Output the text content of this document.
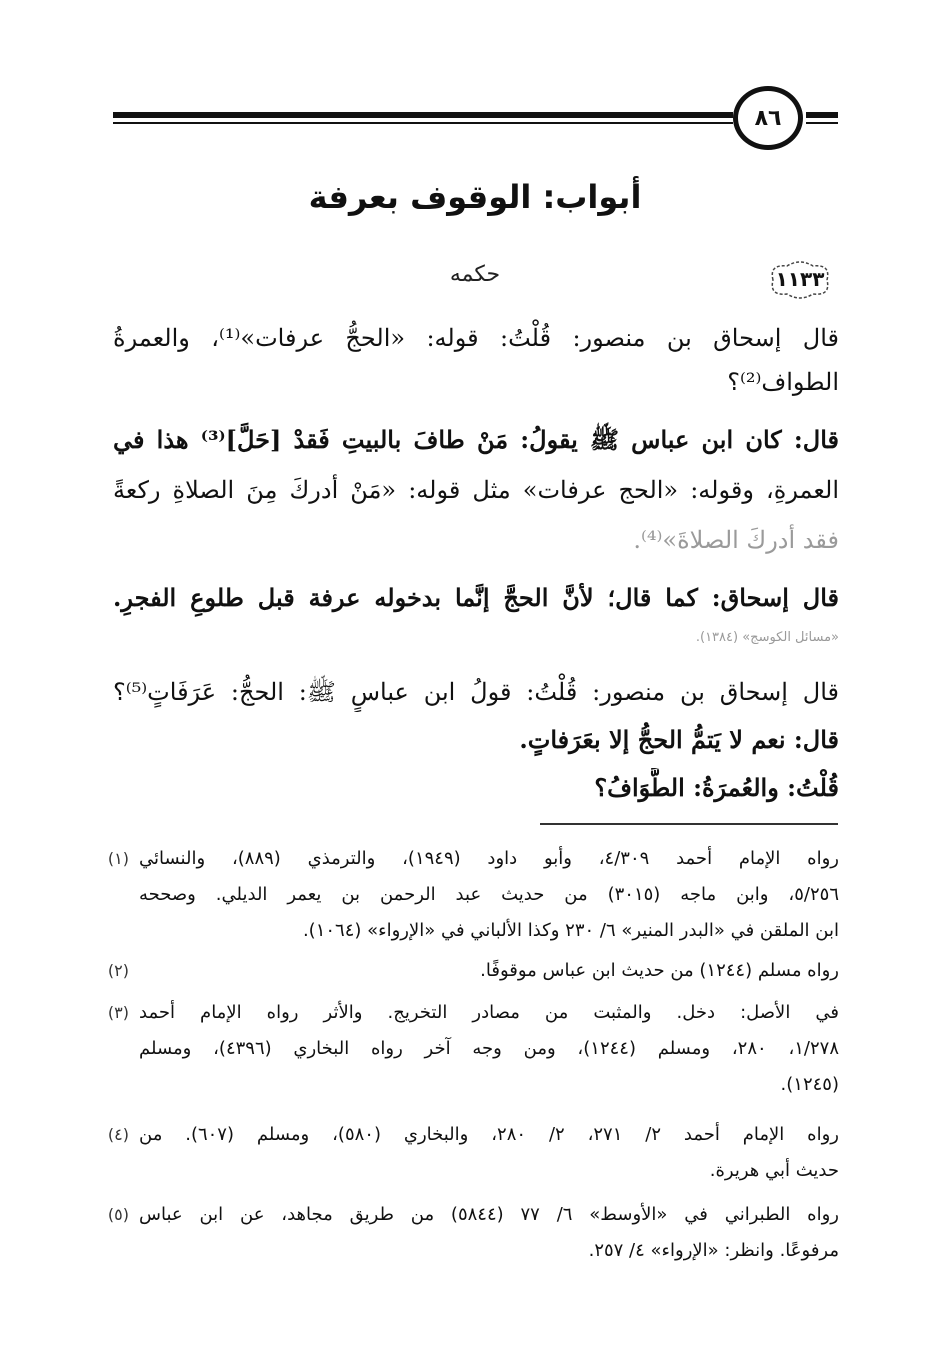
٨٦
أبواب: الوقوف بعرفة
١١٣٣
حكمه
قال إسحاق بن منصور: قُلْتُ: قوله: «الحجُّ عرفات»⁽¹⁾، والعمرةُ
الطواف⁽²⁾؟
قال: كان ابن عباس ﷺ يقولُ: مَنْ طافَ بالبيتِ فَقدْ [حَلَّ]⁽³⁾ هذا في
العمرةِ، وقوله: «الحج عرفات» مثل قوله: «مَنْ أدركَ مِنَ الصلاةِ ركعةً
فقد أدركَ الصلاةَ»⁽⁴⁾.
قال إسحاق: كما قال؛ لأنَّ الحجَّ إنَّما بدخوله عرفة قبل طلوعِ الفجرِ.
«مسائل الكوسج» (١٣٨٤).
قال إسحاق بن منصور: قُلْتُ: قولُ ابن عباسٍ ﷺ: الحجُّ: عَرَفَاتٍ⁽⁵⁾؟
قال: نعم لا يَتمُّ الحجُّ إلا بعَرَفاتٍ.
قُلْتُ: والعُمرَةُ: الطَّوَافُ؟
(١) رواه الإمام أحمد ٤/٣٠٩، وأبو داود (١٩٤٩)، والترمذي (٨٨٩)، والنسائي
٥/٢٥٦، وابن ماجه (٣٠١٥) من حديث عبد الرحمن بن يعمر الديلي. وصححه
ابن الملقن في «البدر المنير» ٦/ ٢٣٠ وكذا الألباني في «الإرواء» (١٠٦٤).
(٢)	رواه مسلم (١٢٤٤) من حديث ابن عباس موقوفًا.
(٣) في الأصل: دخل. والمثبت من مصادر التخريج. والأثر رواه الإمام أحمد
١/٢٧٨، ٢٨٠، ومسلم (١٢٤٤)، ومن وجه آخر رواه البخاري (٤٣٩٦)، ومسلم
(١٢٤٥).
(٤) رواه الإمام أحمد ٢/ ٢٧١، ٢/ ٢٨٠، والبخاري (٥٨٠)، ومسلم (٦٠٧). من
حديث أبي هريرة.
(٥) رواه الطبراني في «الأوسط» ٦/ ٧٧ (٥٨٤٤) من طريق مجاهد، عن ابن عباس
مرفوعًا. وانظر: «الإرواء» ٤/ ٢٥٧.
